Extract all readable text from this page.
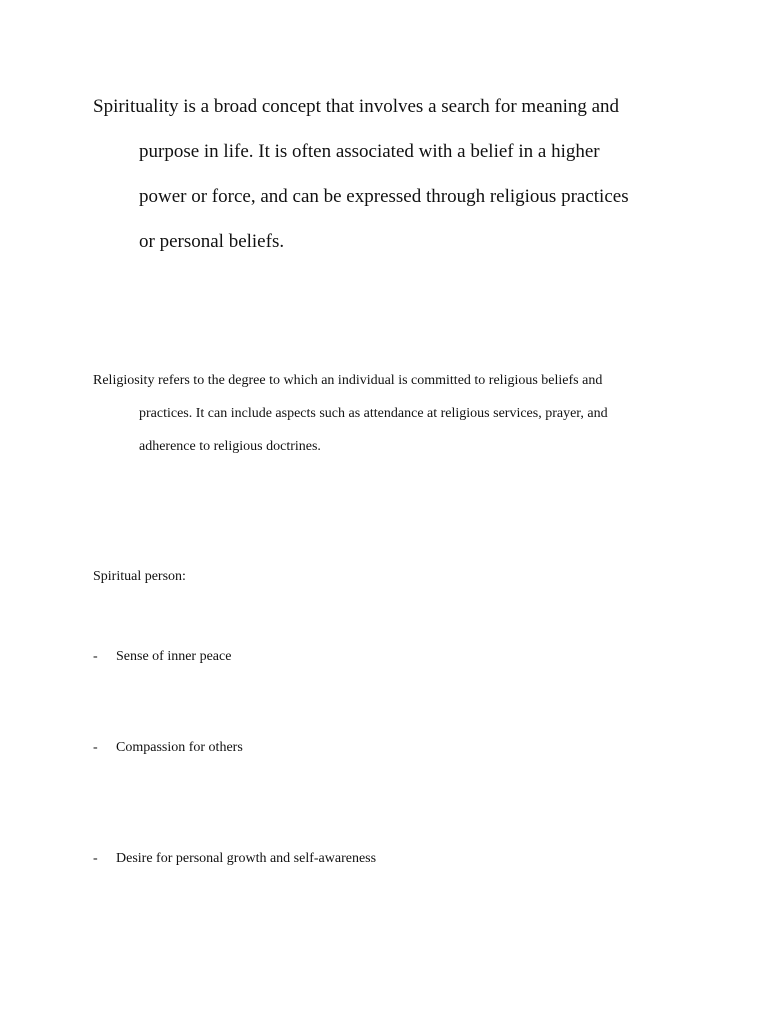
Spirituality is a broad concept that involves a search for meaning and
purpose in life. It is often associated with a belief in a higher
power or force, and can be expressed through religious practices
or personal beliefs.

Religiosity refers to the degree to which an individual is committed to religious beliefs and
practices. It can include aspects such as attendance at religious services, prayer, and
adherence to religious doctrines.

Spiritual person:
- Sense of inner peace
- Compassion for others
- Desire for personal growth and self-awareness
